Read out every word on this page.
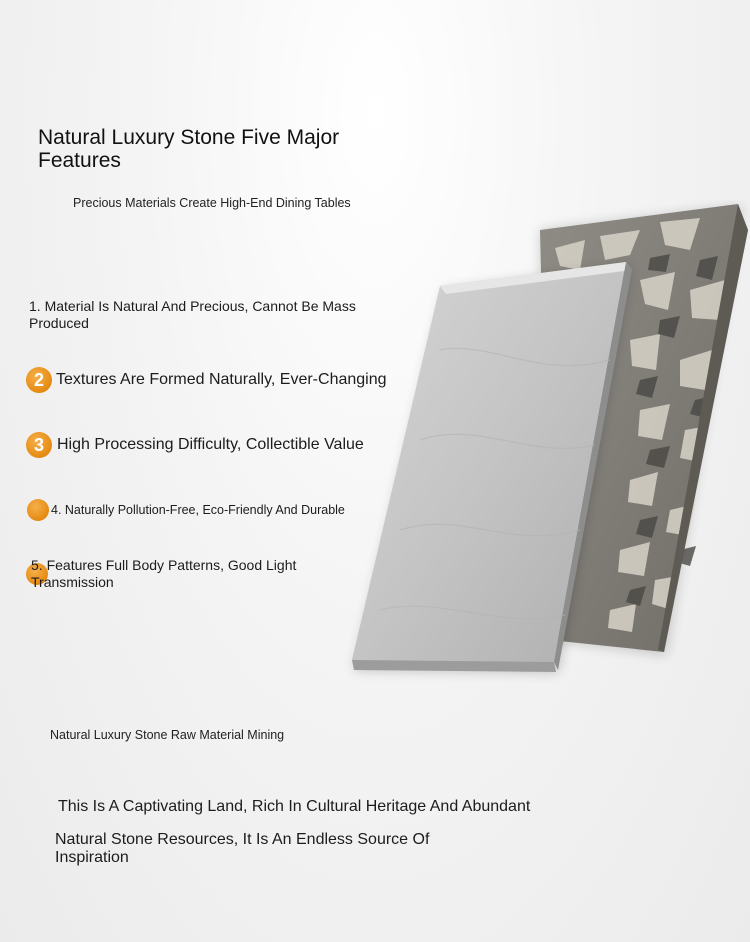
Natural Luxury Stone Five Major Features
Precious Materials Create High-End Dining Tables
1. Material Is Natural And Precious, Cannot Be Mass Produced
2 Textures Are Formed Naturally, Ever-Changing
3 High Processing Difficulty, Collectible Value
4. Naturally Pollution-Free, Eco-Friendly And Durable
5. Features Full Body Patterns, Good Light Transmission
Natural Luxury Stone Raw Material Mining
This Is A Captivating Land, Rich In Cultural Heritage And Abundant
Natural Stone Resources, It Is An Endless Source Of Inspiration
